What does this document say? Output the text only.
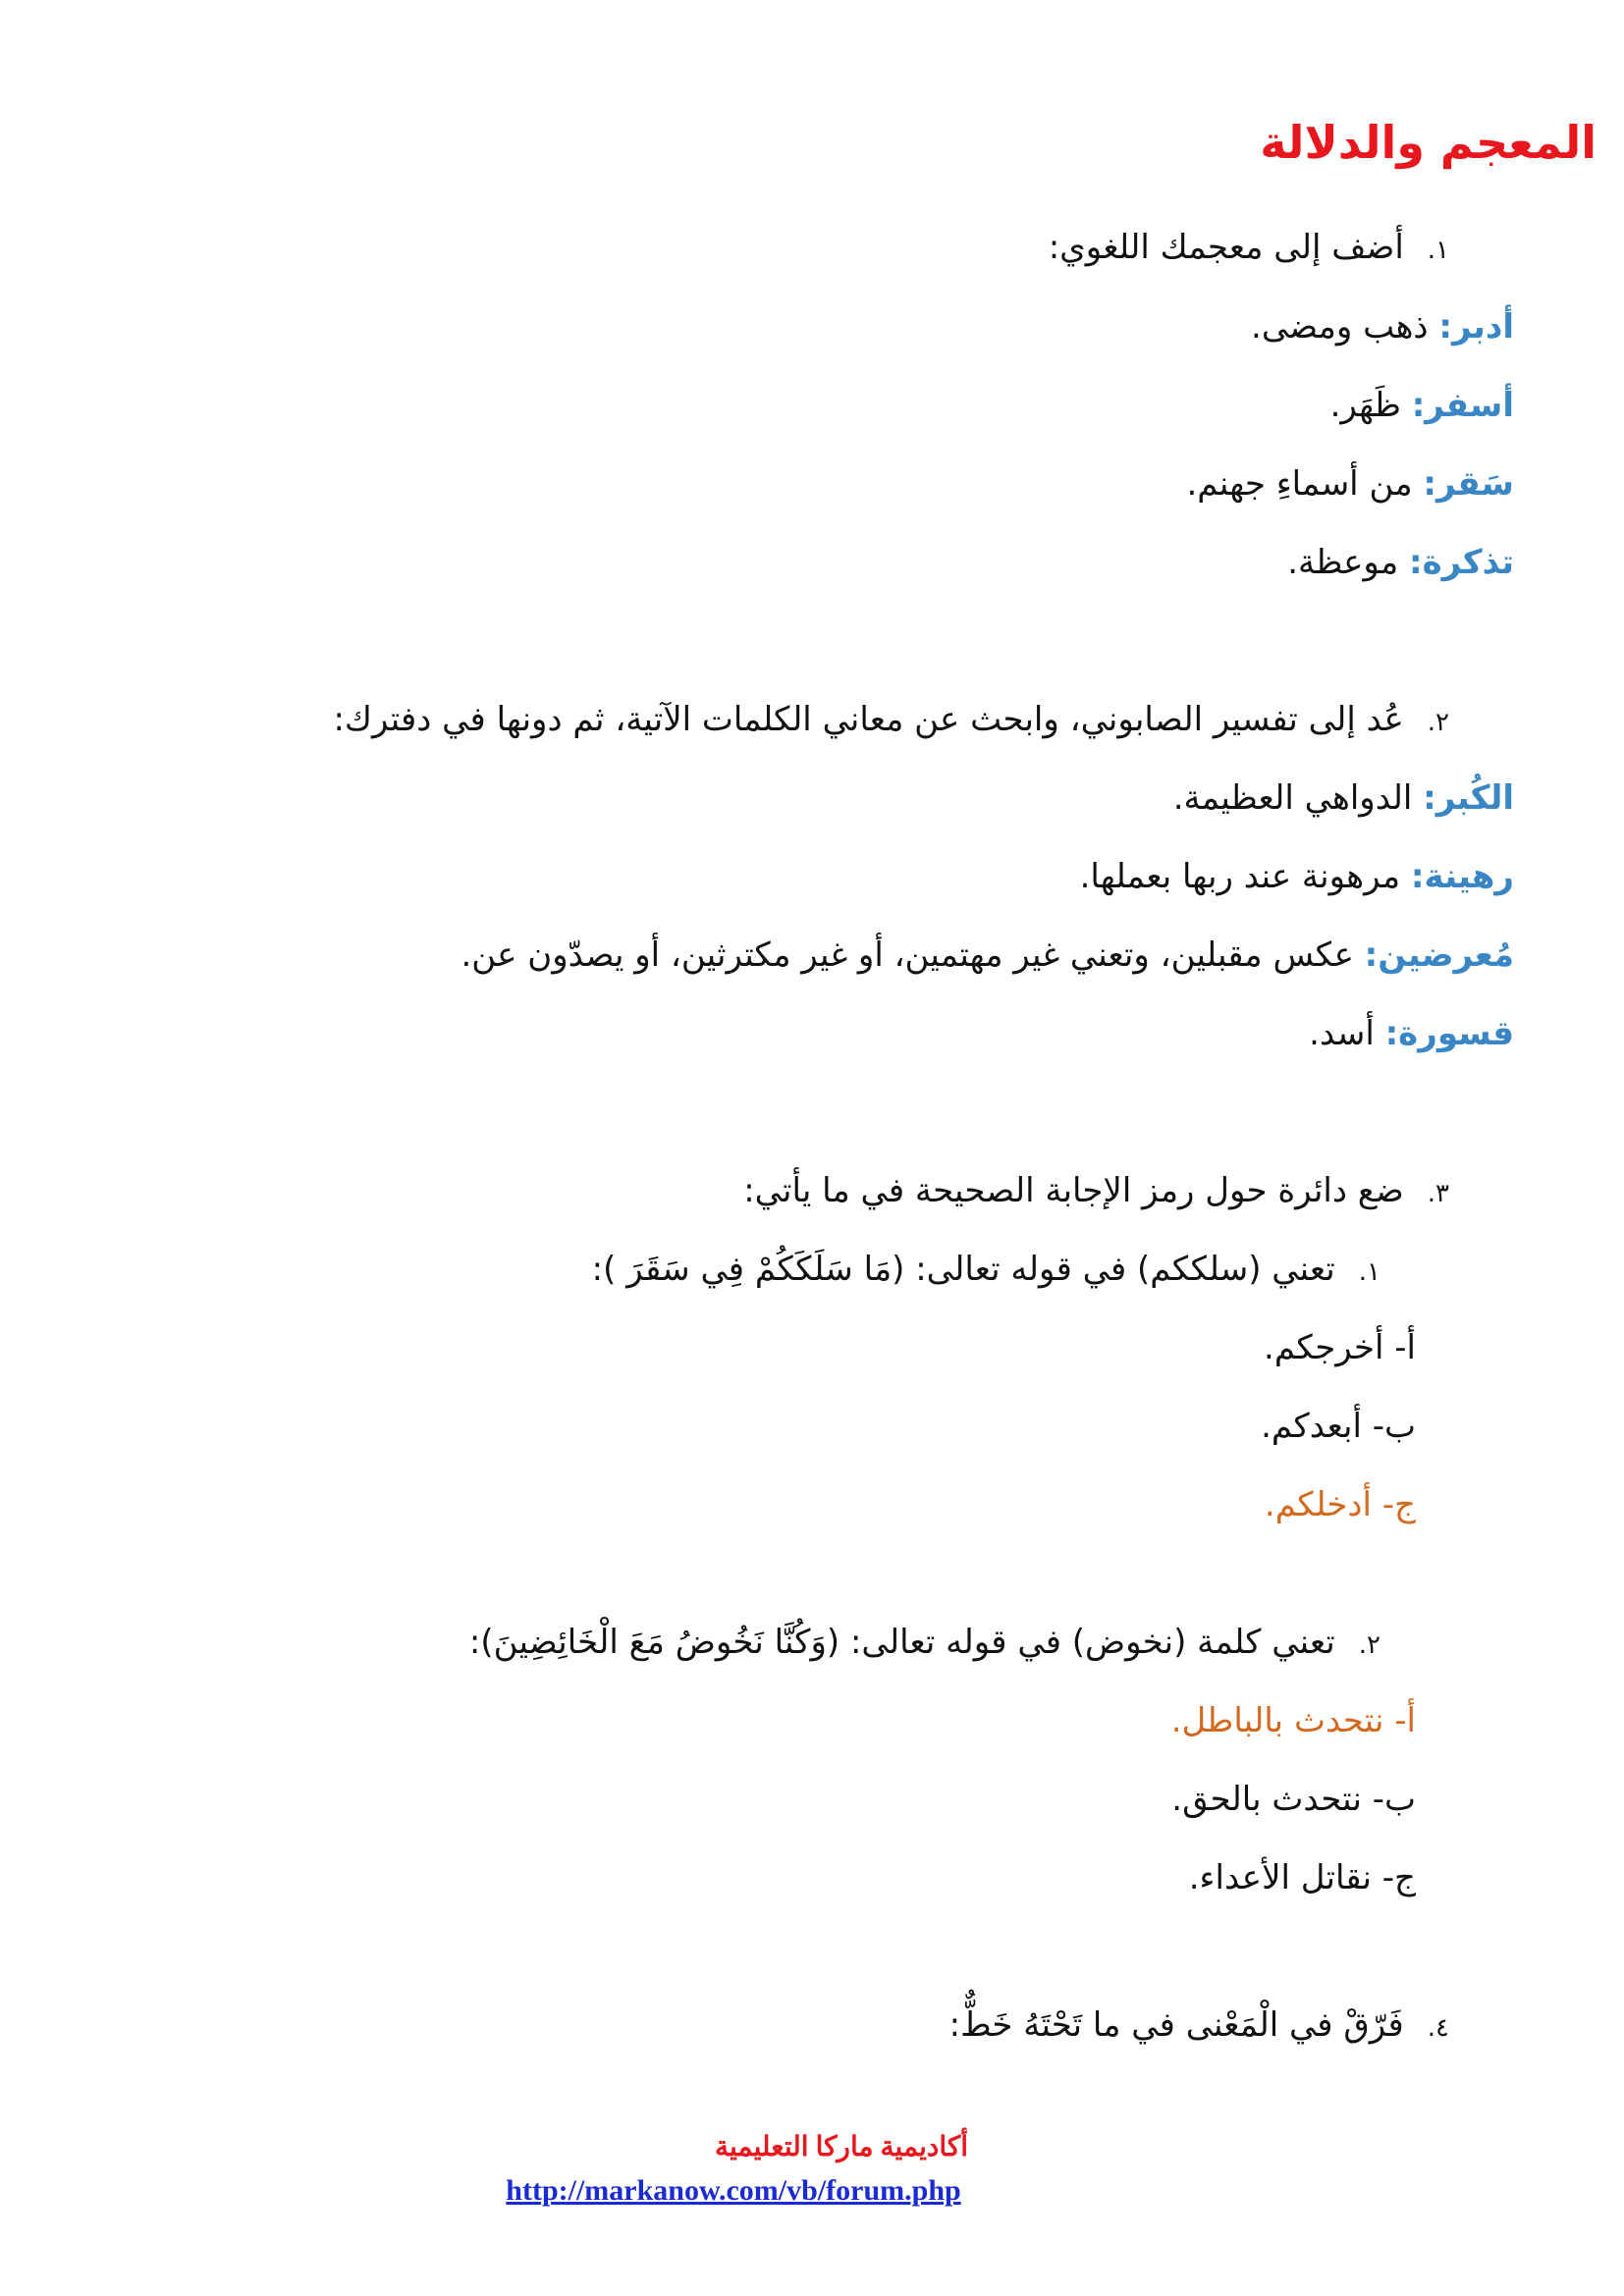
المعجم والدلالة
١.أضف إلى معجمك اللغوي:
أدبر: ذهب ومضى.
أسفر: ظَهَر.
سَقر: من أسماءِ جهنم.
تذكرة: موعظة.
٢.عُد إلى تفسير الصابوني، وابحث عن معاني الكلمات الآتية، ثم دونها في دفترك:
الكُبر: الدواهي العظيمة.
رهينة: مرهونة عند ربها بعملها.
مُعرضين: عكس مقبلين، وتعني غير مهتمين، أو غير مكترثين، أو يصدّون عن.
قسورة: أسد.
٣.ضع دائرة حول رمز الإجابة الصحيحة في ما يأتي:
١.تعني (سلككم) في قوله تعالى: (مَا سَلَكَكُمْ فِي سَقَرَ ):
أ- أخرجكم.
ب- أبعدكم.
ج- أدخلكم.
٢.تعني كلمة (نخوض) في قوله تعالى: (وَكُنَّا نَخُوضُ مَعَ الْخَائِضِينَ):
أ- نتحدث بالباطل.
ب- نتحدث بالحق.
ج- نقاتل الأعداء.
٤.فَرّقْ في الْمَعْنى في ما تَحْتَهُ خَطٌّ:
أكاديمية ماركا التعليمية
http://markanow.com/vb/forum.php
